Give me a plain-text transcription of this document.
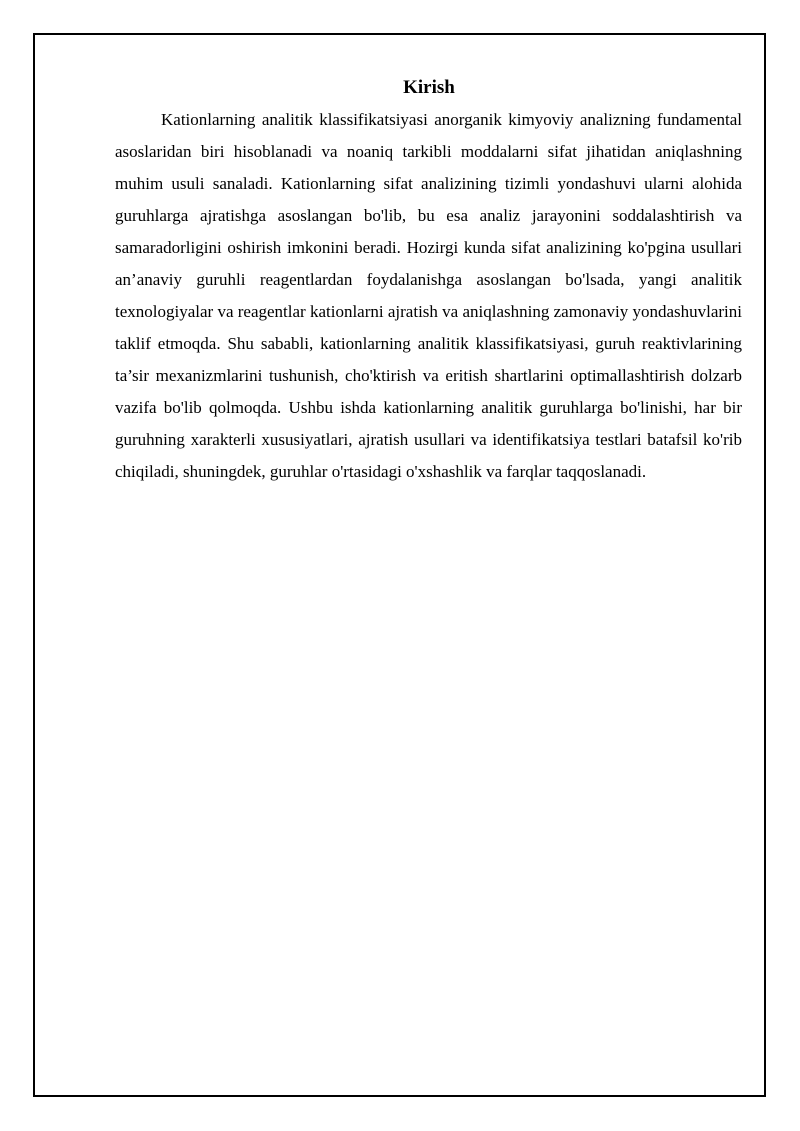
Kirish

Kationlarning analitik klassifikatsiyasi anorganik kimyoviy analizning fundamental asoslaridan biri hisoblanadi va noaniq tarkibli moddalarni sifat jihatidan aniqlashning muhim usuli sanaladi. Kationlarning sifat analizining tizimli yondashuvi ularni alohida guruhlarga ajratishga asoslangan bo'lib, bu esa analiz jarayonini soddalashtirish va samaradorligini oshirish imkonini beradi. Hozirgi kunda sifat analizining ko'pgina usullari an’anaviy guruhli reagentlardan foydalanishga asoslangan bo'lsada, yangi analitik texnologiyalar va reagentlar kationlarni ajratish va aniqlashning zamonaviy yondashuvlarini taklif etmoqda. Shu sababli, kationlarning analitik klassifikatsiyasi, guruh reaktivlarining ta’sir mexanizmlarini tushunish, cho'ktirish va eritish shartlarini optimallashtirish dolzarb vazifa bo'lib qolmoqda. Ushbu ishda kationlarning analitik guruhlarga bo'linishi, har bir guruhning xarakterli xususiyatlari, ajratish usullari va identifikatsiya testlari batafsil ko'rib chiqiladi, shuningdek, guruhlar o'rtasidagi o'xshashlik va farqlar taqqoslanadi.
